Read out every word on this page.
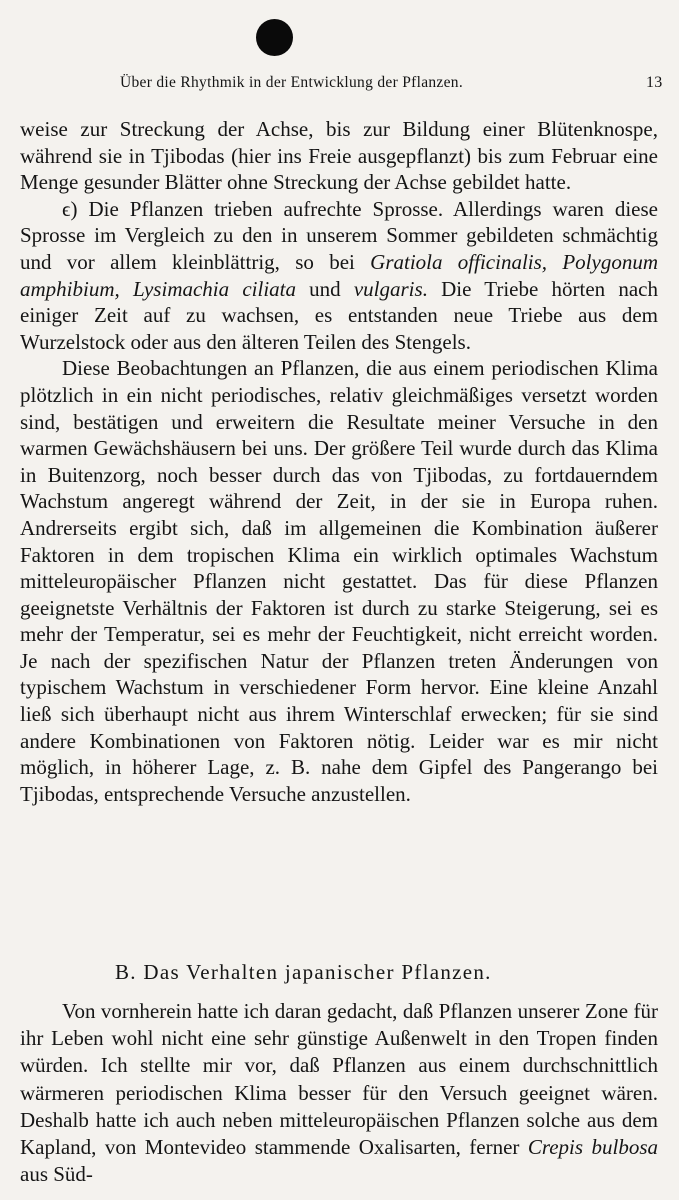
Über die Rhythmik in der Entwicklung der Pflanzen.	13

weise zur Streckung der Achse, bis zur Bildung einer Blütenknospe, während sie in Tjibodas (hier ins Freie ausgepflanzt) bis zum Februar eine Menge gesunder Blätter ohne Streckung der Achse gebildet hatte.

ϵ) Die Pflanzen trieben aufrechte Sprosse. Allerdings waren diese Sprosse im Vergleich zu den in unserem Sommer gebildeten schmächtig und vor allem kleinblättrig, so bei Gratiola officinalis, Polygonum amphibium, Lysimachia ciliata und vulgaris. Die Triebe hörten nach einiger Zeit auf zu wachsen, es entstanden neue Triebe aus dem Wurzelstock oder aus den älteren Teilen des Stengels.

Diese Beobachtungen an Pflanzen, die aus einem periodischen Klima plötzlich in ein nicht periodisches, relativ gleichmäßiges versetzt worden sind, bestätigen und erweitern die Resultate meiner Versuche in den warmen Gewächshäusern bei uns. Der größere Teil wurde durch das Klima in Buitenzorg, noch besser durch das von Tjibodas, zu fortdauerndem Wachstum angeregt während der Zeit, in der sie in Europa ruhen. Andrerseits ergibt sich, daß im allgemeinen die Kombination äußerer Faktoren in dem tropischen Klima ein wirklich optimales Wachstum mitteleuropäischer Pflanzen nicht gestattet. Das für diese Pflanzen geeignetste Verhältnis der Faktoren ist durch zu starke Steigerung, sei es mehr der Temperatur, sei es mehr der Feuchtigkeit, nicht erreicht worden. Je nach der spezifischen Natur der Pflanzen treten Änderungen von typischem Wachstum in verschiedener Form hervor. Eine kleine Anzahl ließ sich überhaupt nicht aus ihrem Winterschlaf erwecken; für sie sind andere Kombinationen von Faktoren nötig. Leider war es mir nicht möglich, in höherer Lage, z. B. nahe dem Gipfel des Pangerango bei Tjibodas, entsprechende Versuche anzustellen.

B. Das Verhalten japanischer Pflanzen.

Von vornherein hatte ich daran gedacht, daß Pflanzen unserer Zone für ihr Leben wohl nicht eine sehr günstige Außenwelt in den Tropen finden würden. Ich stellte mir vor, daß Pflanzen aus einem durchschnittlich wärmeren periodischen Klima besser für den Versuch geeignet wären. Deshalb hatte ich auch neben mitteleuropäischen Pflanzen solche aus dem Kapland, von Montevideo stammende Oxalisarten, ferner Crepis bulbosa aus Süd-
